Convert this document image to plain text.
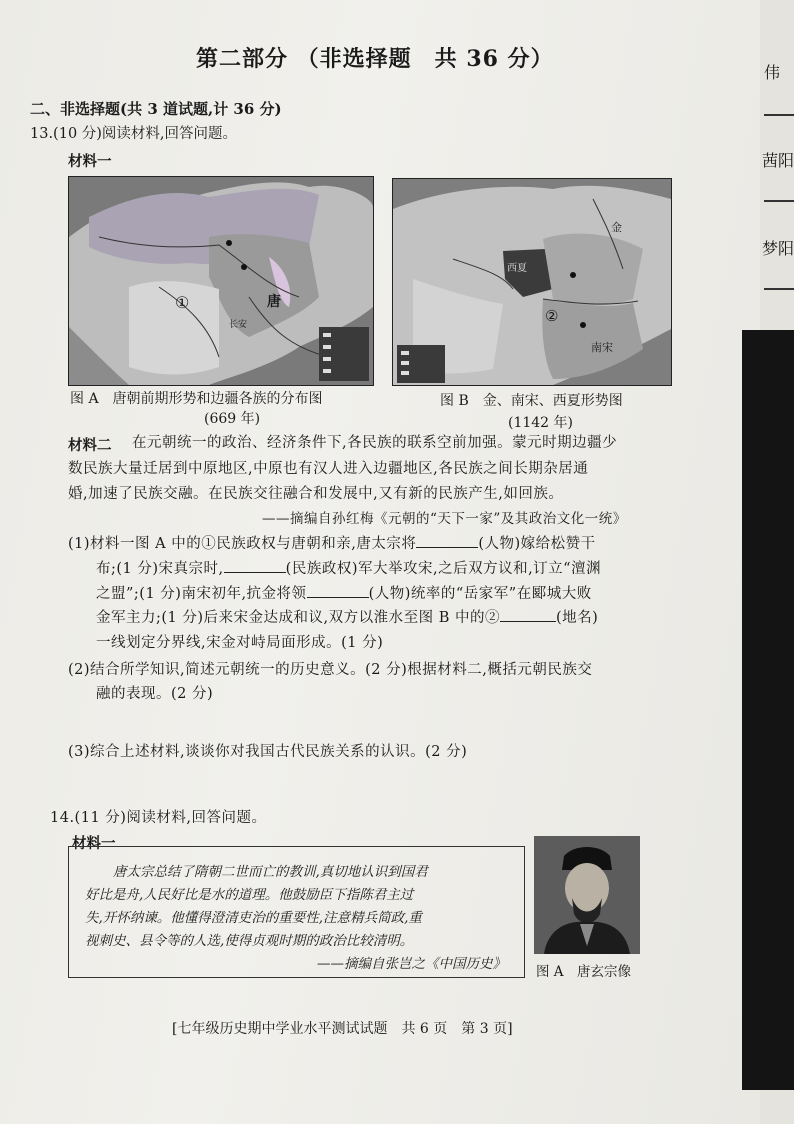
第二部分 （非选择题　共 36 分）
二、非选择题(共 3 道试题,计 36 分)
13.(10 分)阅读材料,回答问题。
材料一
①	唐
长安
图 A　唐朝前期形势和边疆各族的分布图
(669 年)
金
南宋
②
西夏
图 B　金、南宋、西夏形势图
(1142 年)
材料二 在元朝统一的政治、经济条件下,各民族的联系空前加强。蒙元时期边疆少
数民族大量迁居到中原地区,中原也有汉人进入边疆地区,各民族之间长期杂居通
婚,加速了民族交融。在民族交往融合和发展中,又有新的民族产生,如回族。
——摘编自孙红梅《元朝的“天下一家”及其政治文化一统》
(1)材料一图 A 中的①民族政权与唐朝和亲,唐太宗将	(人物)嫁给松赞干
布;(1 分)宋真宗时,	(民族政权)军大举攻宋,之后双方议和,订立“澶渊
之盟”;(1 分)南宋初年,抗金将领	(人物)统率的“岳家军”在郾城大败
金军主力;(1 分)后来宋金达成和议,双方以淮水至图 B 中的②	(地名)
一线划定分界线,宋金对峙局面形成。(1 分)
(2)结合所学知识,简述元朝统一的历史意义。(2 分)根据材料二,概括元朝民族交
融的表现。(2 分)
(3)综合上述材料,谈谈你对我国古代民族关系的认识。(2 分)
14.(11 分)阅读材料,回答问题。
材料一
唐太宗总结了隋朝二世而亡的教训,真切地认识到国君
好比是舟,人民好比是水的道理。他鼓励臣下指陈君主过
失,开怀纳谏。他懂得澄清吏治的重要性,注意精兵简政,重
视刺史、县令等的人选,使得贞观时期的政治比较清明。
——摘编自张岂之《中国历史》 图 A　唐玄宗像
[七年级历史期中学业水平测试试题　共 6 页　第 3 页]
伟
茜阳
梦阳
